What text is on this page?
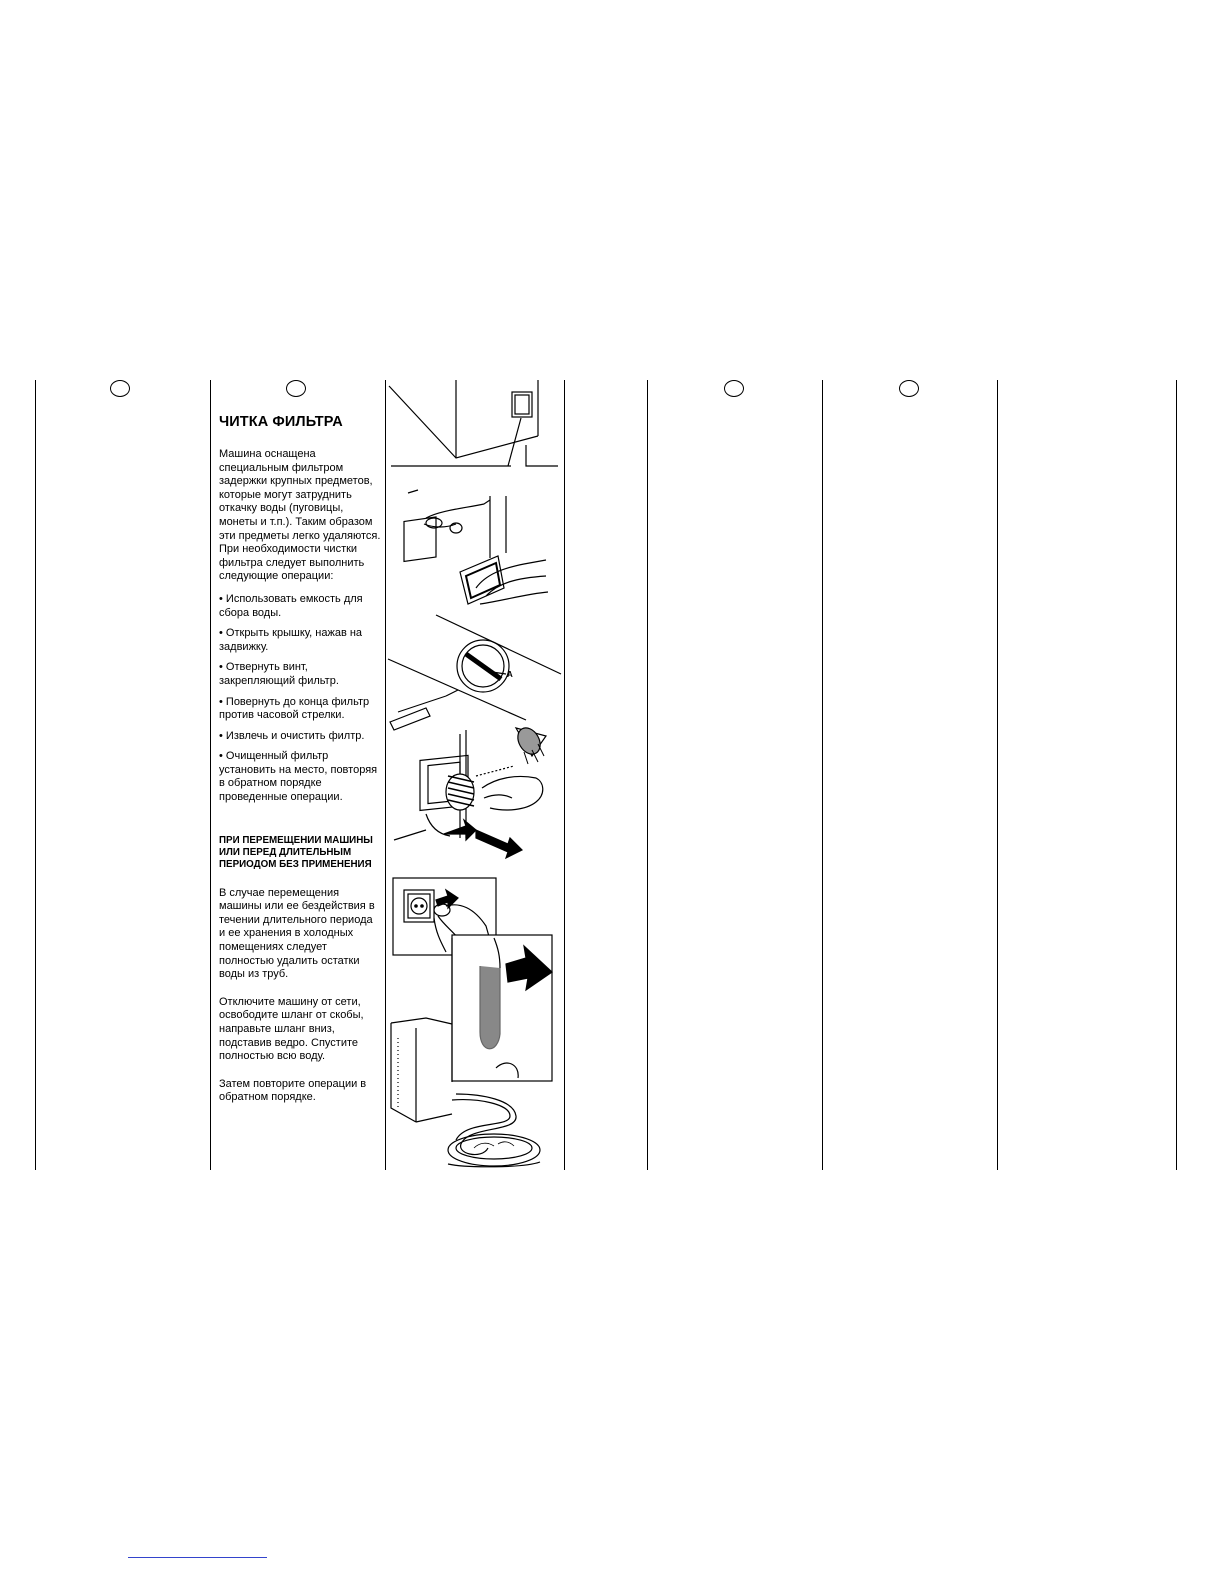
ЧИТКА ФИЛЬТРА
Машина оснащена
специальным фильтром
задержки крупных предметов,
которые могут затруднить
откачку воды (пуговицы,
монеты и т.п.). Таким образом
эти предметы легко удаляются.
При необходимости чистки
фильтра следует выполнить
следующие операции:
• Использовать емкость для
сбора воды.
• Открыть крышку, нажав на
задвижку.
• Отвернуть винт,
закрепляющий фильтр.
• Повернуть до конца фильтр
против часовой стрелки.
• Извлечь и очистить филтр.
• Очищенный фильтр
установить на место, повторяя
в обратном порядке
проведенные операции.
ПРИ ПЕРЕМЕЩЕНИИ МАШИНЫ
ИЛИ ПЕРЕД ДЛИТЕЛЬНЫМ
ПЕРИОДОМ БЕЗ ПРИМЕНЕНИЯ
В случае перемещения
машины или ее бездействия в
течении длительного периода
и ее хранения в холодных
помещениях следует
полностью удалить остатки
воды из труб.
Отключите машину от сети,
освободите шланг от скобы,
направьте шланг вниз,
подставив ведро. Спустите
полностью всю воду.
Затем повторите операции в
обратном порядке.
A
